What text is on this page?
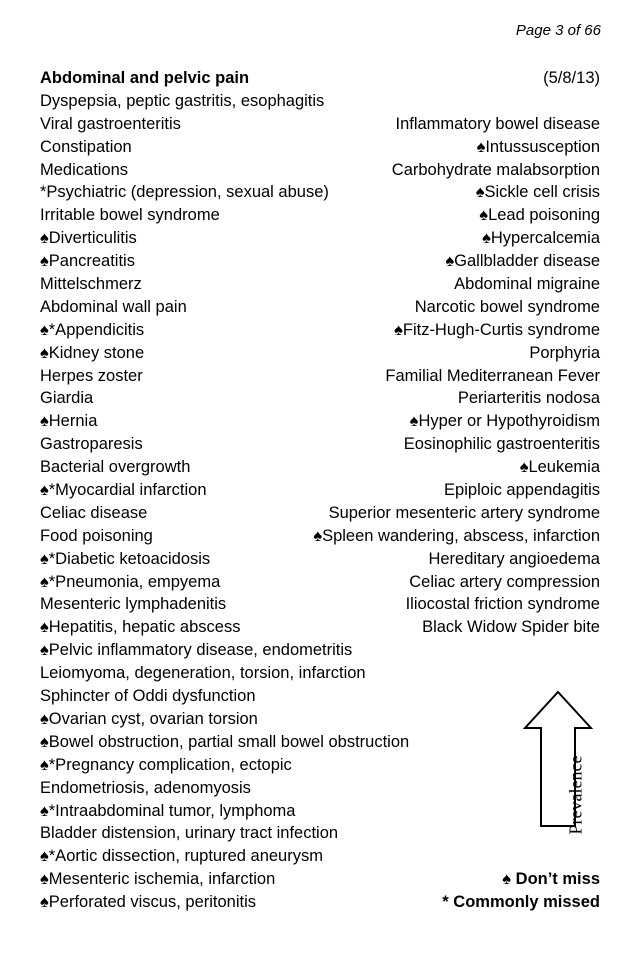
Page 3 of 66
Abdominal and pelvic pain	(5/8/13)
Dyspepsia, peptic gastritis, esophagitis
Viral gastroenteritis	Inflammatory bowel disease
Constipation	♠Intussusception
Medications	Carbohydrate malabsorption
*Psychiatric (depression, sexual abuse)	♠Sickle cell crisis
Irritable bowel syndrome	♠Lead poisoning
♠Diverticulitis	♠Hypercalcemia
♠Pancreatitis	♠Gallbladder disease
Mittelschmerz	Abdominal migraine
Abdominal wall pain	Narcotic bowel syndrome
♠*Appendicitis	♠Fitz-Hugh-Curtis syndrome
♠Kidney stone	Porphyria
Herpes zoster	Familial Mediterranean Fever
Giardia	Periarteritis nodosa
♠Hernia	♠Hyper or Hypothyroidism
Gastroparesis	Eosinophilic gastroenteritis
Bacterial overgrowth	♠Leukemia
♠*Myocardial infarction	Epiploic appendagitis
Celiac disease	Superior mesenteric artery syndrome
Food poisoning	♠Spleen wandering, abscess, infarction
♠*Diabetic ketoacidosis	Hereditary angioedema
♠*Pneumonia, empyema	Celiac artery compression
Mesenteric lymphadenitis	Iliocostal friction syndrome
♠Hepatitis, hepatic abscess	Black Widow Spider bite
♠Pelvic inflammatory disease, endometritis
Leiomyoma, degeneration, torsion, infarction
Sphincter of Oddi dysfunction
♠Ovarian cyst, ovarian torsion
♠Bowel obstruction, partial small bowel obstruction
♠*Pregnancy complication, ectopic
Endometriosis, adenomyosis
♠*Intraabdominal tumor, lymphoma
Bladder distension, urinary tract infection
♠*Aortic dissection, ruptured aneurysm
♠Mesenteric ischemia, infarction	♠ Don’t miss
♠Perforated viscus, peritonitis	* Commonly missed
Prevalence
